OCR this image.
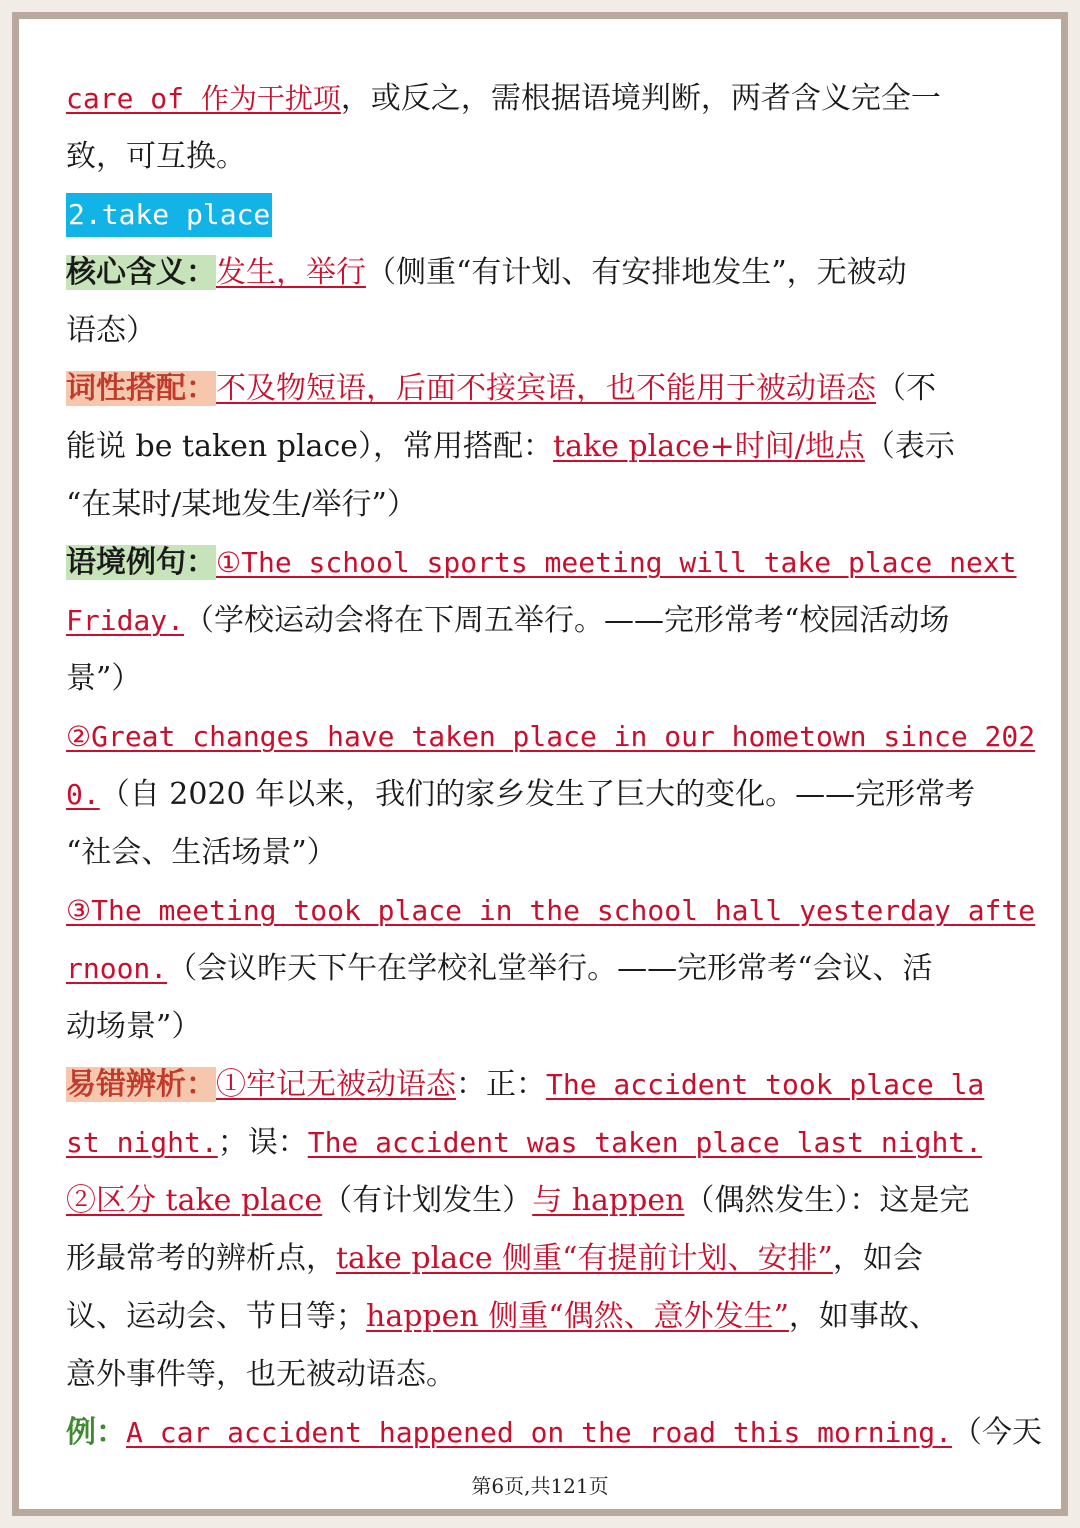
care of 作为干扰项，或反之，需根据语境判断，两者含义完全一
致，可互换。
2.take place
核心含义：发生，举行（侧重“有计划、有安排地发生”，无被动
语态）
词性搭配：不及物短语，后面不接宾语，也不能用于被动语态（不
能说 be taken place），常用搭配：take place+时间/地点（表示
“在某时/某地发生/举行”）
语境例句：①The school sports meeting will take place next
Friday.（学校运动会将在下周五举行。——完形常考“校园活动场
景”）
②Great changes have taken place in our hometown since 202
0.（自 2020 年以来，我们的家乡发生了巨大的变化。——完形常考
“社会、生活场景”）
③The meeting took place in the school hall yesterday afte
rnoon.（会议昨天下午在学校礼堂举行。——完形常考“会议、活
动场景”）
易错辨析：①牢记无被动语态：正：The accident took place la
st night.；误：The accident was taken place last night.
②区分 take place（有计划发生）与 happen（偶然发生）：这是完
形最常考的辨析点，take place 侧重“有提前计划、安排”，如会
议、运动会、节日等；happen 侧重“偶然、意外发生”，如事故、
意外事件等，也无被动语态。
例：A car accident happened on the road this morning.（今天
第6页,共121页
